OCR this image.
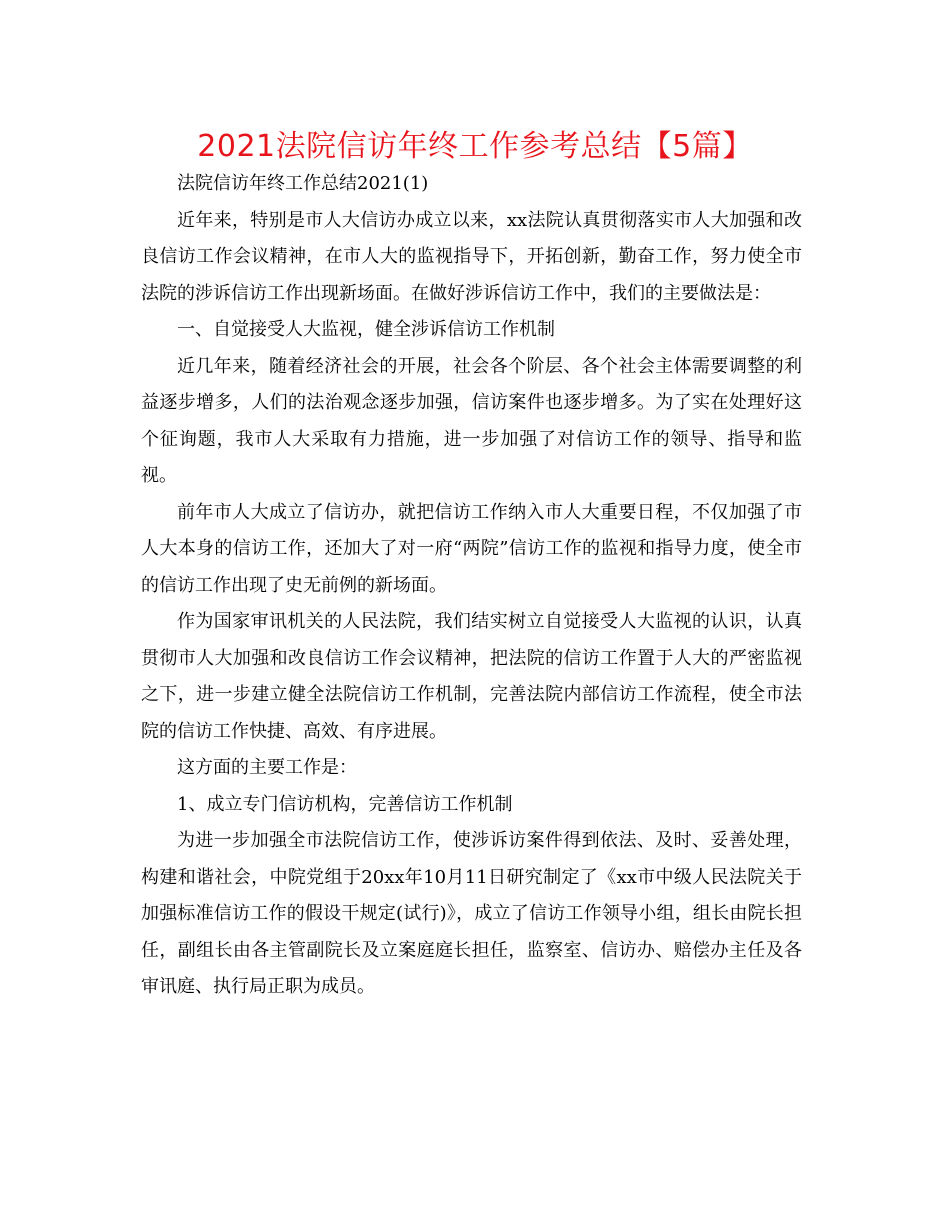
2021法院信访年终工作参考总结【5篇】

法院信访年终工作总结2021(1)

近年来，特别是市人大信访办成立以来，xx法院认真贯彻落实市人大加强和改良信访工作会议精神，在市人大的监视指导下，开拓创新，勤奋工作，努力使全市法院的涉诉信访工作出现新场面。在做好涉诉信访工作中，我们的主要做法是：

一、自觉接受人大监视，健全涉诉信访工作机制

近几年来，随着经济社会的开展，社会各个阶层、各个社会主体需要调整的利益逐步增多，人们的法治观念逐步加强，信访案件也逐步增多。为了实在处理好这个征询题，我市人大采取有力措施，进一步加强了对信访工作的领导、指导和监视。

前年市人大成立了信访办，就把信访工作纳入市人大重要日程，不仅加强了市人大本身的信访工作，还加大了对一府“两院”信访工作的监视和指导力度，使全市的信访工作出现了史无前例的新场面。

作为国家审讯机关的人民法院，我们结实树立自觉接受人大监视的认识，认真贯彻市人大加强和改良信访工作会议精神，把法院的信访工作置于人大的严密监视之下，进一步建立健全法院信访工作机制，完善法院内部信访工作流程，使全市法院的信访工作快捷、高效、有序进展。

这方面的主要工作是：

1、成立专门信访机构，完善信访工作机制

为进一步加强全市法院信访工作，使涉诉访案件得到依法、及时、妥善处理，构建和谐社会，中院党组于20xx年10月11日研究制定了《xx市中级人民法院关于加强标准信访工作的假设干规定(试行)》，成立了信访工作领导小组，组长由院长担任，副组长由各主管副院长及立案庭庭长担任，监察室、信访办、赔偿办主任及各审讯庭、执行局正职为成员。
